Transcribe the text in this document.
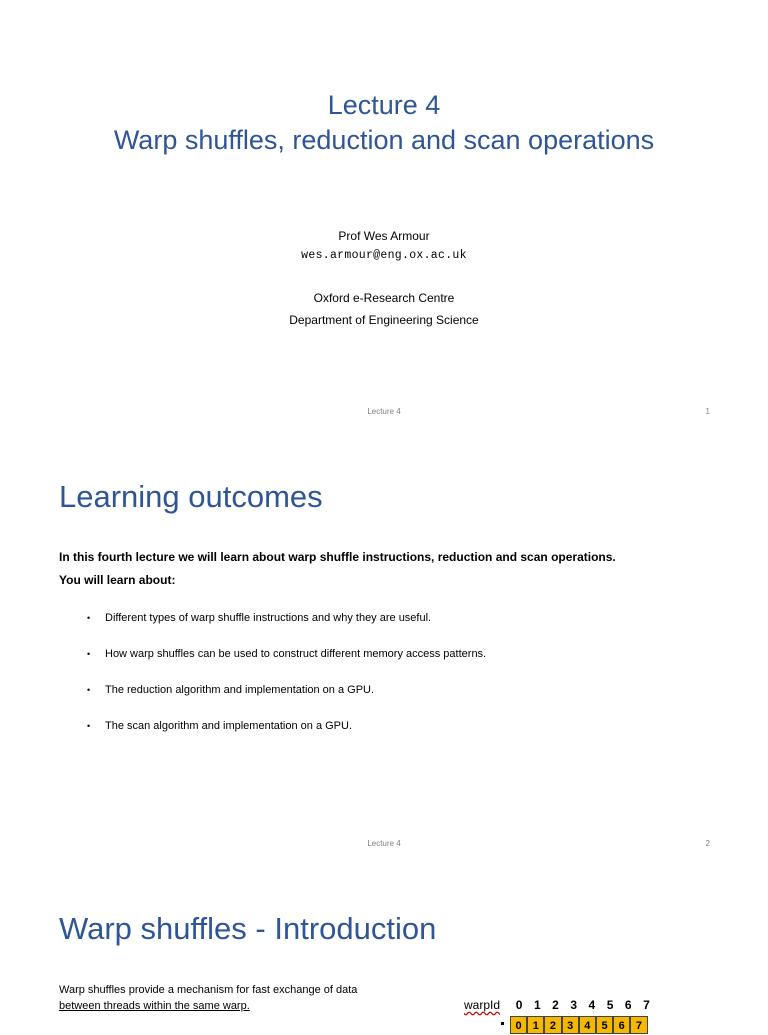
Lecture 4
Warp shuffles, reduction and scan operations
Prof Wes Armour
wes.armour@eng.ox.ac.uk
Oxford e-Research Centre
Department of Engineering Science
Lecture 4	1
Learning outcomes
In this fourth lecture we will learn about warp shuffle instructions, reduction and scan operations.
You will learn about:
• Different types of warp shuffle instructions and why they are useful.
• How warp shuffles can be used to construct different memory access patterns.
• The reduction algorithm and implementation on a GPU.
• The scan algorithm and implementation on a GPU.
Lecture 4	2
Warp shuffles - Introduction
Warp shuffles provide a mechanism for fast exchange of data
between threads within the same warp.	warpId	0 1 2 3 4 5 6 7
0	1	2	3	4	5	6	7
